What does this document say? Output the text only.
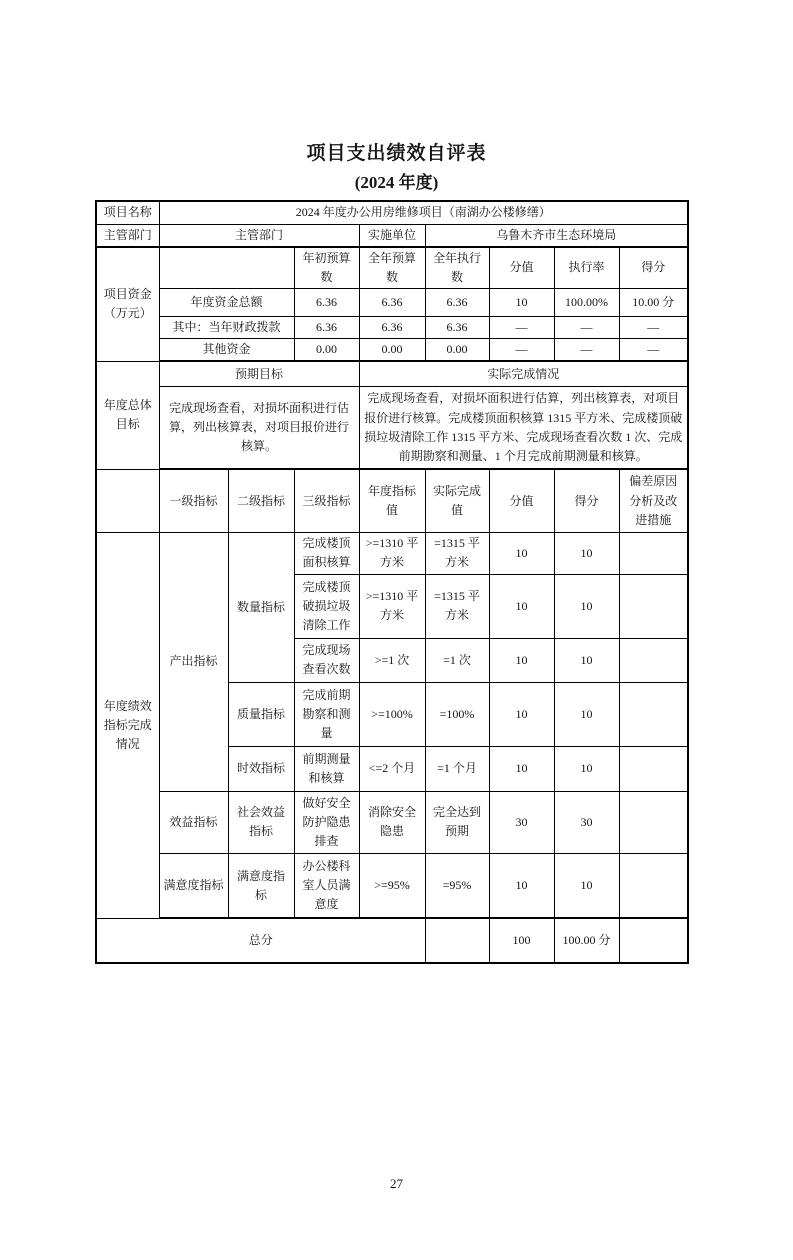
项目支出绩效自评表
(2024 年度)
项目名称	2024 年度办公用房维修项目（南湖办公楼修缮）							
主管部门	主管部门			实施单位	乌鲁木齐市生态环境局			
项目资金（万元）			年初预算数	全年预算数	全年执行数	分值	执行率	得分
	年度资金总额		6.36	6.36	6.36	10	100.00%	10.00 分
	其中：当年财政拨款		6.36	6.36	6.36	—	—	—
	其他资金		0.00	0.00	0.00	—	—	—
年度总体目标	预期目标			实际完成情况				
	完成现场查看，对损坏面积进行估算，列出核算表，对项目报价进行核算。			完成现场查看，对损坏面积进行估算，列出核算表，对项目报价进行核算。完成楼顶面积核算 1315 平方米、完成楼顶破损垃圾清除工作 1315 平方米、完成现场查看次数 1 次、完成前期勘察和测量、1 个月完成前期测量和核算。				
	一级指标	二级指标	三级指标	年度指标值	实际完成值	分值	得分	偏差原因分析及改进措施
年度绩效指标完成情况	产出指标	数量指标	完成楼顶面积核算	>=1310 平方米	=1315 平方米	10	10	
			完成楼顶破损垃圾清除工作	>=1310 平方米	=1315 平方米	10	10	
			完成现场查看次数	>=1 次	=1 次	10	10	
		质量指标	完成前期勘察和测量	>=100%	=100%	10	10	
		时效指标	前期测量和核算	<=2 个月	=1 个月	10	10	
	效益指标	社会效益指标	做好安全防护隐患排查	消除安全隐患	完全达到预期	30	30	
	满意度指标	满意度指标	办公楼科室人员满意度	>=95%	=95%	10	10	
总分						100	100.00 分	
27
